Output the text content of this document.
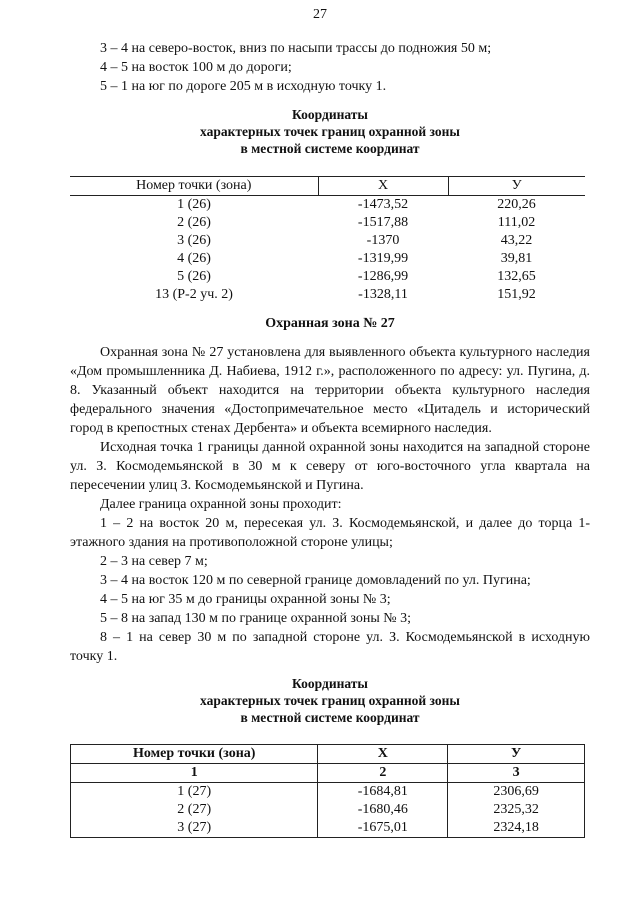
27

3 – 4 на северо-восток, вниз по насыпи трассы до подножия 50 м;

4 – 5 на восток 100 м до дороги;

5 – 1 на юг по дороге 205 м в исходную точку 1.

Координаты
характерных точек границ охранной зоны
в местной системе координат
Номер точки (зона)	X	У
1 (26)	-1473,52	220,26
2 (26)	-1517,88	111,02
3 (26)	-1370	43,22
4 (26)	-1319,99	39,81
5 (26)	-1286,99	132,65
13 (Р-2 уч. 2)	-1328,11	151,92
Охранная зона № 27

Охранная зона № 27 установлена для выявленного объекта культурного наследия «Дом промышленника Д. Набиева, 1912 г.», расположенного по адресу: ул. Пугина, д. 8. Указанный объект находится на территории объекта культурного наследия федерального значения «Достопримечательное место «Цитадель и исторический город в крепостных стенах Дербента» и объекта всемирного наследия.

Исходная точка 1 границы данной охранной зоны находится на западной стороне ул. З. Космодемьянской в 30 м к северу от юго-восточного угла квартала на пересечении улиц З. Космодемьянской и Пугина.

Далее граница охранной зоны проходит:

1 – 2 на восток 20 м, пересекая ул. З. Космодемьянской, и далее до торца 1-этажного здания на противоположной стороне улицы;

2 – 3 на север 7 м;

3 – 4 на восток 120 м по северной границе домовладений по ул. Пугина;

4 – 5 на юг 35 м до границы охранной зоны № 3;

5 – 8 на запад 130 м по границе охранной зоны № 3;

8 – 1 на север 30 м по западной стороне ул. З. Космодемьянской в исходную точку 1.

Координаты
характерных точек границ охранной зоны
в местной системе координат
Номер точки (зона)	X	У
1	2	3
1 (27)	-1684,81	2306,69
2 (27)	-1680,46	2325,32
3 (27)	-1675,01	2324,18
